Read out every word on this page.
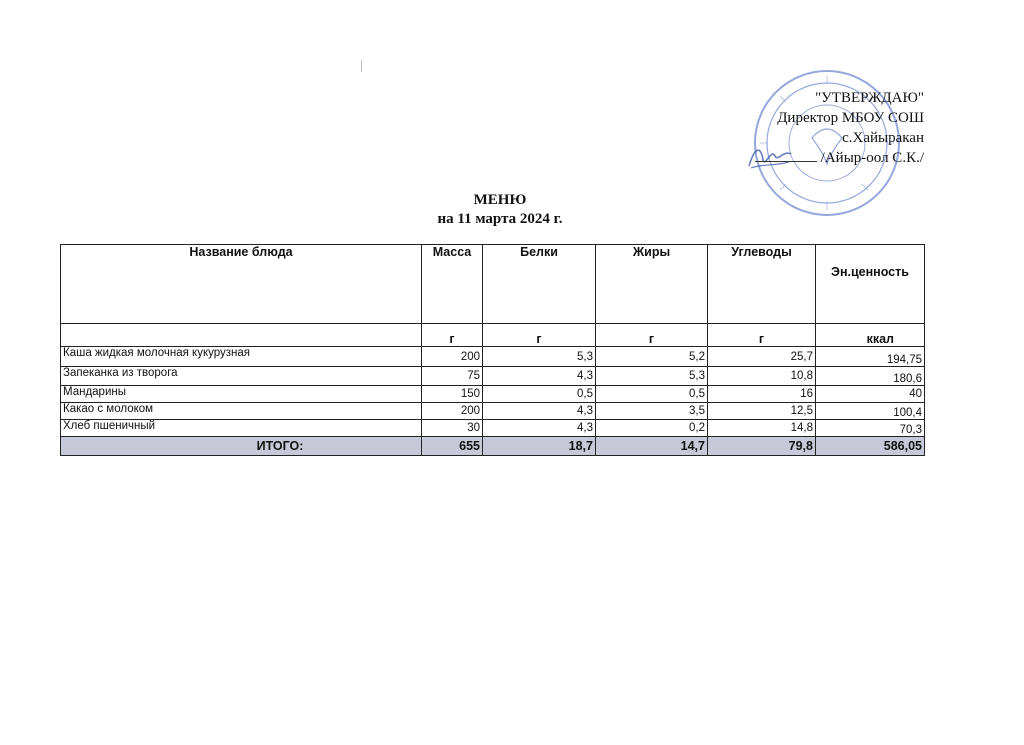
"УТВЕРЖДАЮ"
Директор МБОУ СОШ
с.Хайыракан
/Айыр-оол С.К./
МЕНЮ
на 11 марта 2024 г.
Название блюда	Масса	Белки	Жиры	Углеводы	Эн.ценность
	г	г	г	г	ккал
Каша жидкая молочная кукурузная	200	5,3	5,2	25,7	194,75
Запеканка из творога	75	4,3	5,3	10,8	180,6
Мандарины	150	0,5	0,5	16	40
Какао с молоком	200	4,3	3,5	12,5	100,4
Хлеб пшеничный	30	4,3	0,2	14,8	70,3
ИТОГО:	655	18,7	14,7	79,8	586,05
